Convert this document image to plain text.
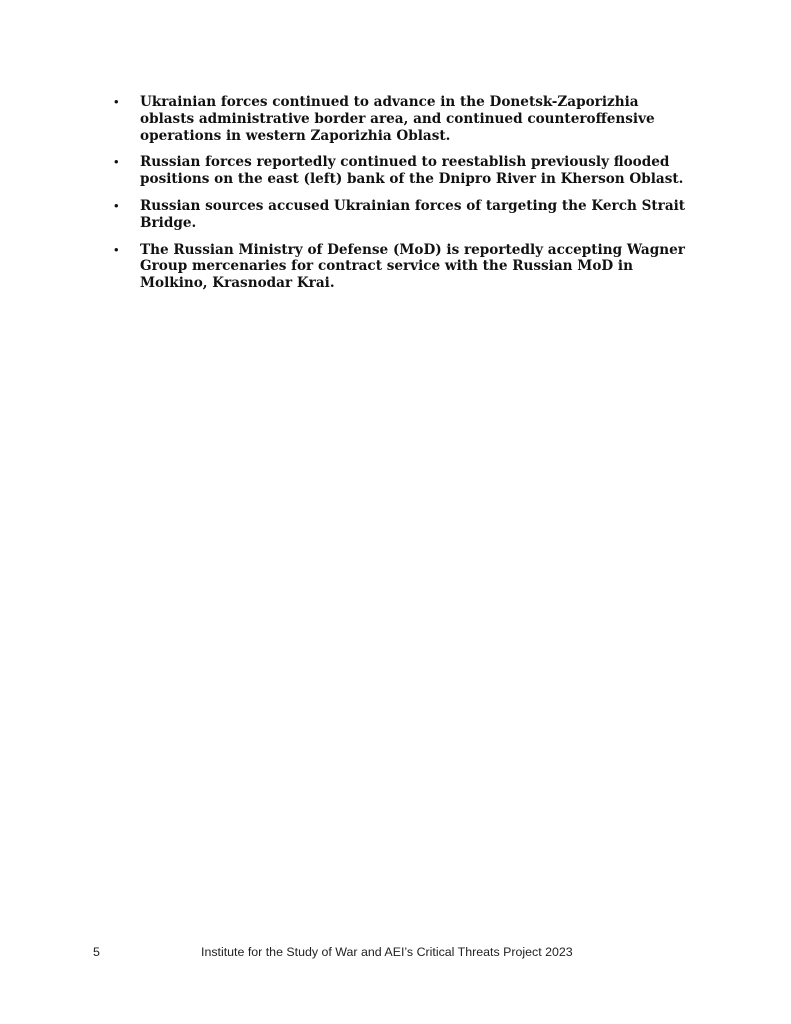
• Ukrainian forces continued to advance in the Donetsk-Zaporizhia oblasts administrative border area, and continued counteroffensive operations in western Zaporizhia Oblast.
• Russian forces reportedly continued to reestablish previously flooded positions on the east (left) bank of the Dnipro River in Kherson Oblast.
• Russian sources accused Ukrainian forces of targeting the Kerch Strait Bridge.
• The Russian Ministry of Defense (MoD) is reportedly accepting Wagner Group mercenaries for contract service with the Russian MoD in Molkino, Krasnodar Krai.
5	Institute for the Study of War and AEI’s Critical Threats Project 2023
